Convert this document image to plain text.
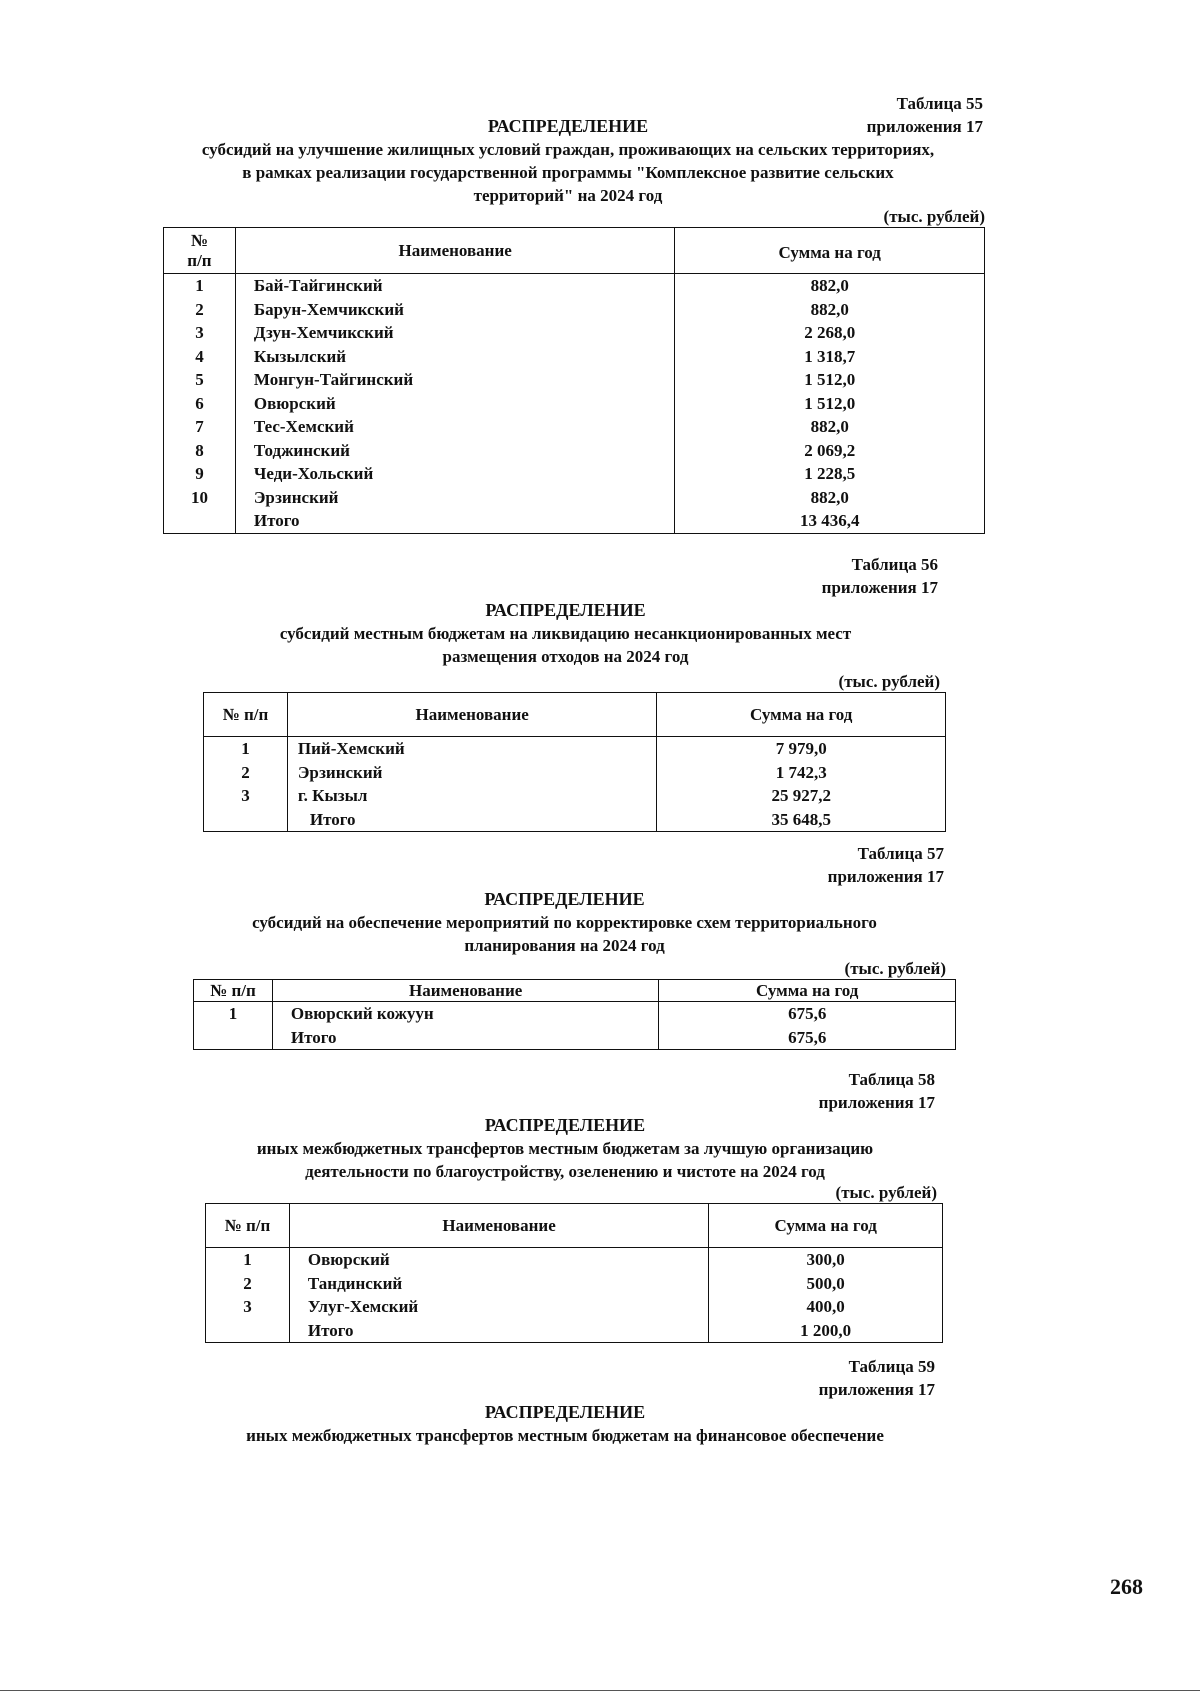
Таблица 55
приложения 17
РАСПРЕДЕЛЕНИЕ
субсидий на улучшение жилищных условий граждан, проживающих на сельских территориях,
в рамках реализации государственной программы "Комплексное развитие сельских
территорий" на 2024 год
(тыс. рублей)
№
п/п	Наименование	Сумма на год
1	Бай-Тайгинский	882,0
2	Барун-Хемчикский	882,0
3	Дзун-Хемчикский	2 268,0
4	Кызылский	1 318,7
5	Монгун-Тайгинский	1 512,0
6	Овюрский	1 512,0
7	Тес-Хемский	882,0
8	Тоджинский	2 069,2
9	Чеди-Хольский	1 228,5
10	Эрзинский	882,0
	Итого	13 436,4
Таблица 56
приложения 17
РАСПРЕДЕЛЕНИЕ
субсидий местным бюджетам на ликвидацию несанкционированных мест
размещения отходов на 2024 год
(тыс. рублей)
№ п/п	Наименование	Сумма на год
1	Пий-Хемский	7 979,0
2	Эрзинский	1 742,3
3	г. Кызыл	25 927,2
	Итого	35 648,5
Таблица 57
приложения 17
РАСПРЕДЕЛЕНИЕ
субсидий на обеспечение мероприятий по корректировке схем территориального
планирования на 2024 год
(тыс. рублей)
№ п/п	Наименование	Сумма на год
1	Овюрский кожуун	675,6
	Итого	675,6
Таблица 58
приложения 17
РАСПРЕДЕЛЕНИЕ
иных межбюджетных трансфертов местным бюджетам за лучшую организацию
деятельности по благоустройству, озеленению и чистоте на 2024 год
(тыс. рублей)
№ п/п	Наименование	Сумма на год
1	Овюрский	300,0
2	Тандинский	500,0
3	Улуг-Хемский	400,0
	Итого	1 200,0
Таблица 59
приложения 17
РАСПРЕДЕЛЕНИЕ
иных межбюджетных трансфертов местным бюджетам на финансовое обеспечение
268
